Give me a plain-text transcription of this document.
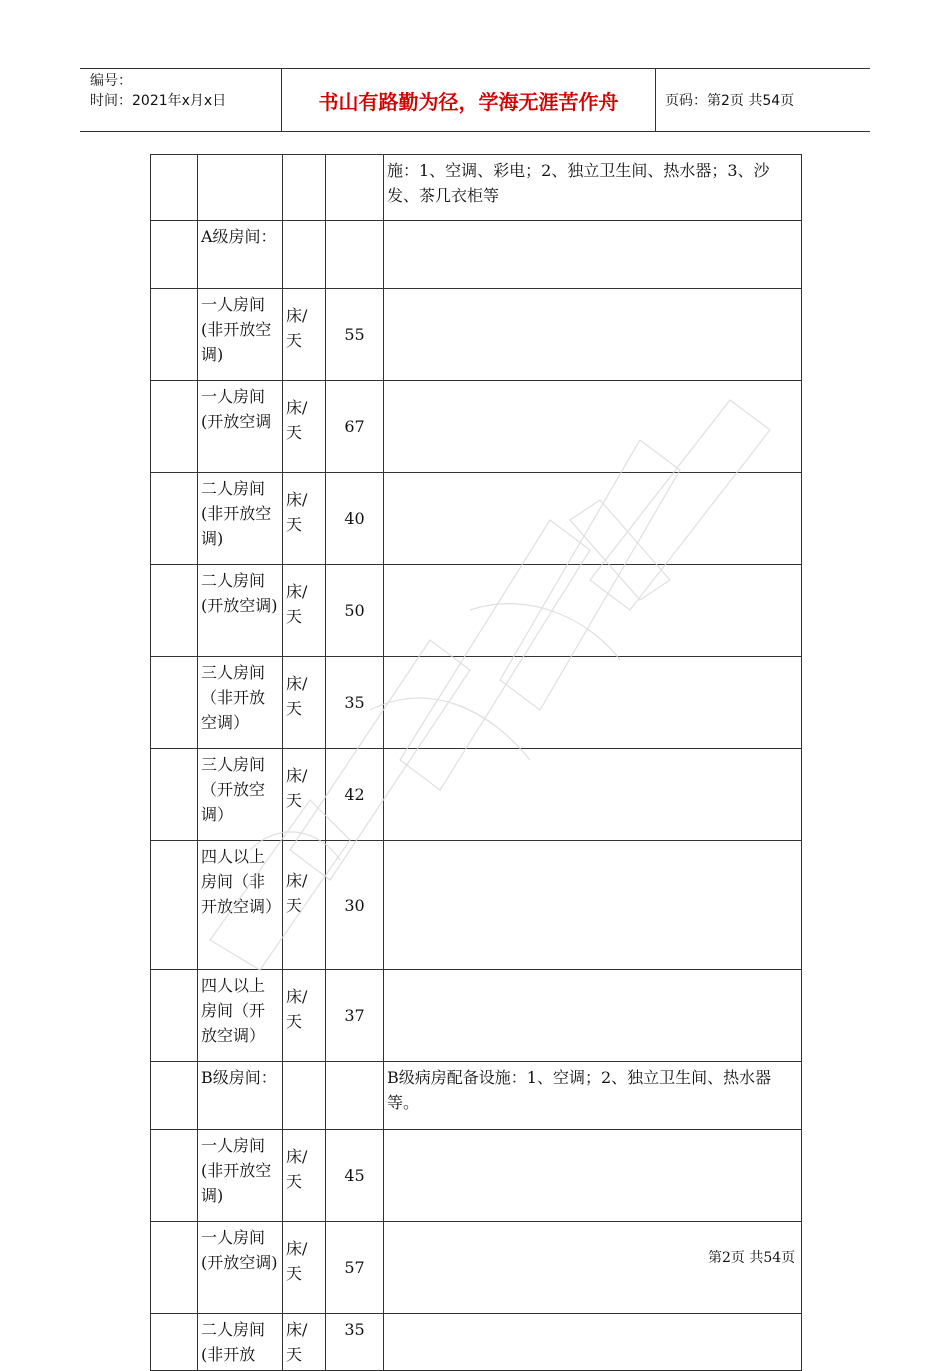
编号：
时间：2021年x月x日	书山有路勤为径，学海无涯苦作舟	页码：第2页 共54页
				施：1、空调、彩电；2、独立卫生间、热水器；3、沙发、茶几衣柜等
	A级房间：			
	一人房间(非开放空调)	床/天	55	
	一人房间(开放空调	床/天	67	
	二人房间(非开放空调)	床/天	40	
	二人房间(开放空调)	床/天	50	
	三人房间（非开放空调）	床/天	35	
	三人房间（开放空调）	床/天	42	
	四人以上房间（非开放空调）	床/天	30	
	四人以上房间（开放空调）	床/天	37	
	B级房间：			B级病房配备设施：1、空调；2、独立卫生间、热水器等。
	一人房间(非开放空调)	床/天	45	
	一人房间(开放空调)	床/天	57	
	二人房间(非开放	床/天	35	
第2页 共54页
